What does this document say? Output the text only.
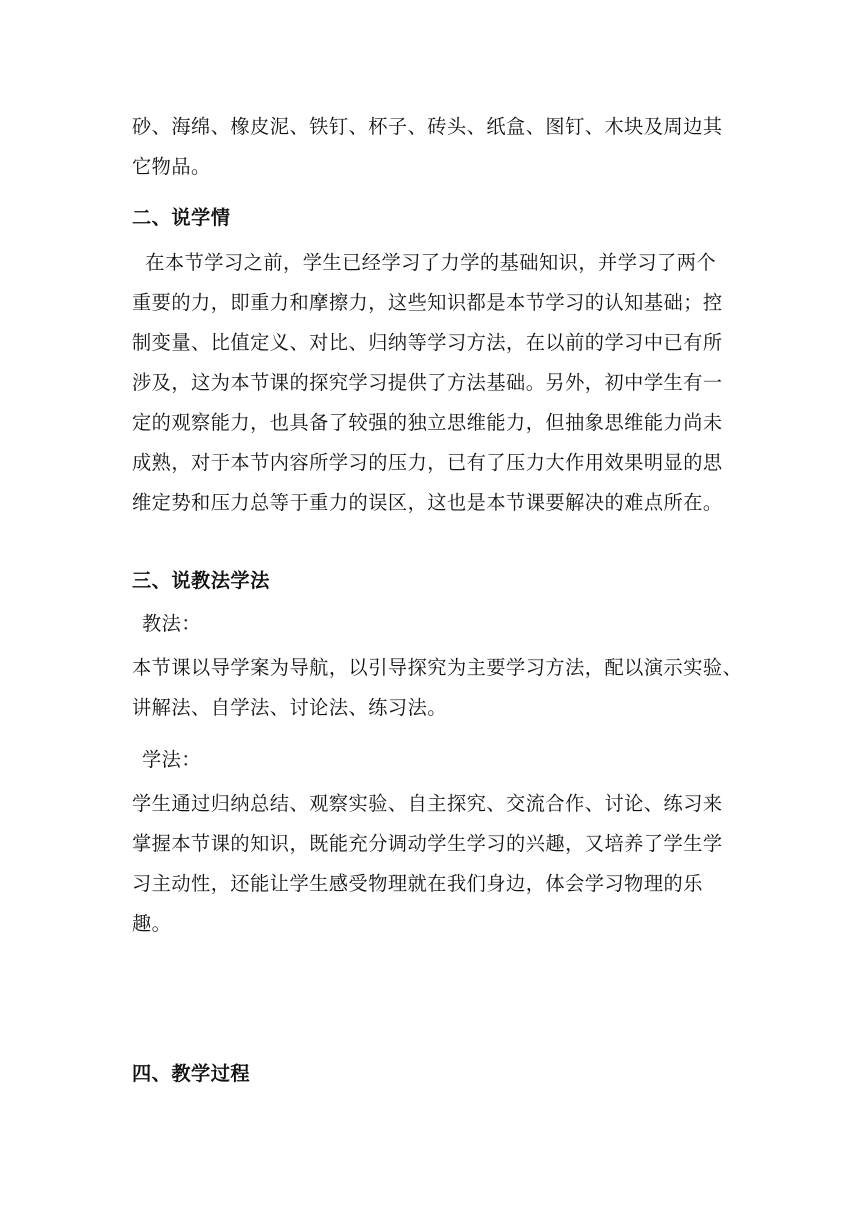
砂、海绵、橡皮泥、铁钉、杯子、砖头、纸盒、图钉、木块及周边其
它物品。
二、说学情
在本节学习之前，学生已经学习了力学的基础知识，并学习了两个
重要的力，即重力和摩擦力，这些知识都是本节学习的认知基础；控
制变量、比值定义、对比、归纳等学习方法，在以前的学习中已有所
涉及，这为本节课的探究学习提供了方法基础。另外，初中学生有一
定的观察能力，也具备了较强的独立思维能力，但抽象思维能力尚未
成熟，对于本节内容所学习的压力，已有了压力大作用效果明显的思
维定势和压力总等于重力的误区，这也是本节课要解决的难点所在。
三、说教法学法

教法：

本节课以导学案为导航，以引导探究为主要学习方法，配以演示实验、
讲解法、自学法、讨论法、练习法。

学法：

学生通过归纳总结、观察实验、自主探究、交流合作、讨论、练习来
掌握本节课的知识，既能充分调动学生学习的兴趣，又培养了学生学
习主动性，还能让学生感受物理就在我们身边，体会学习物理的乐
趣。
四、教学过程
